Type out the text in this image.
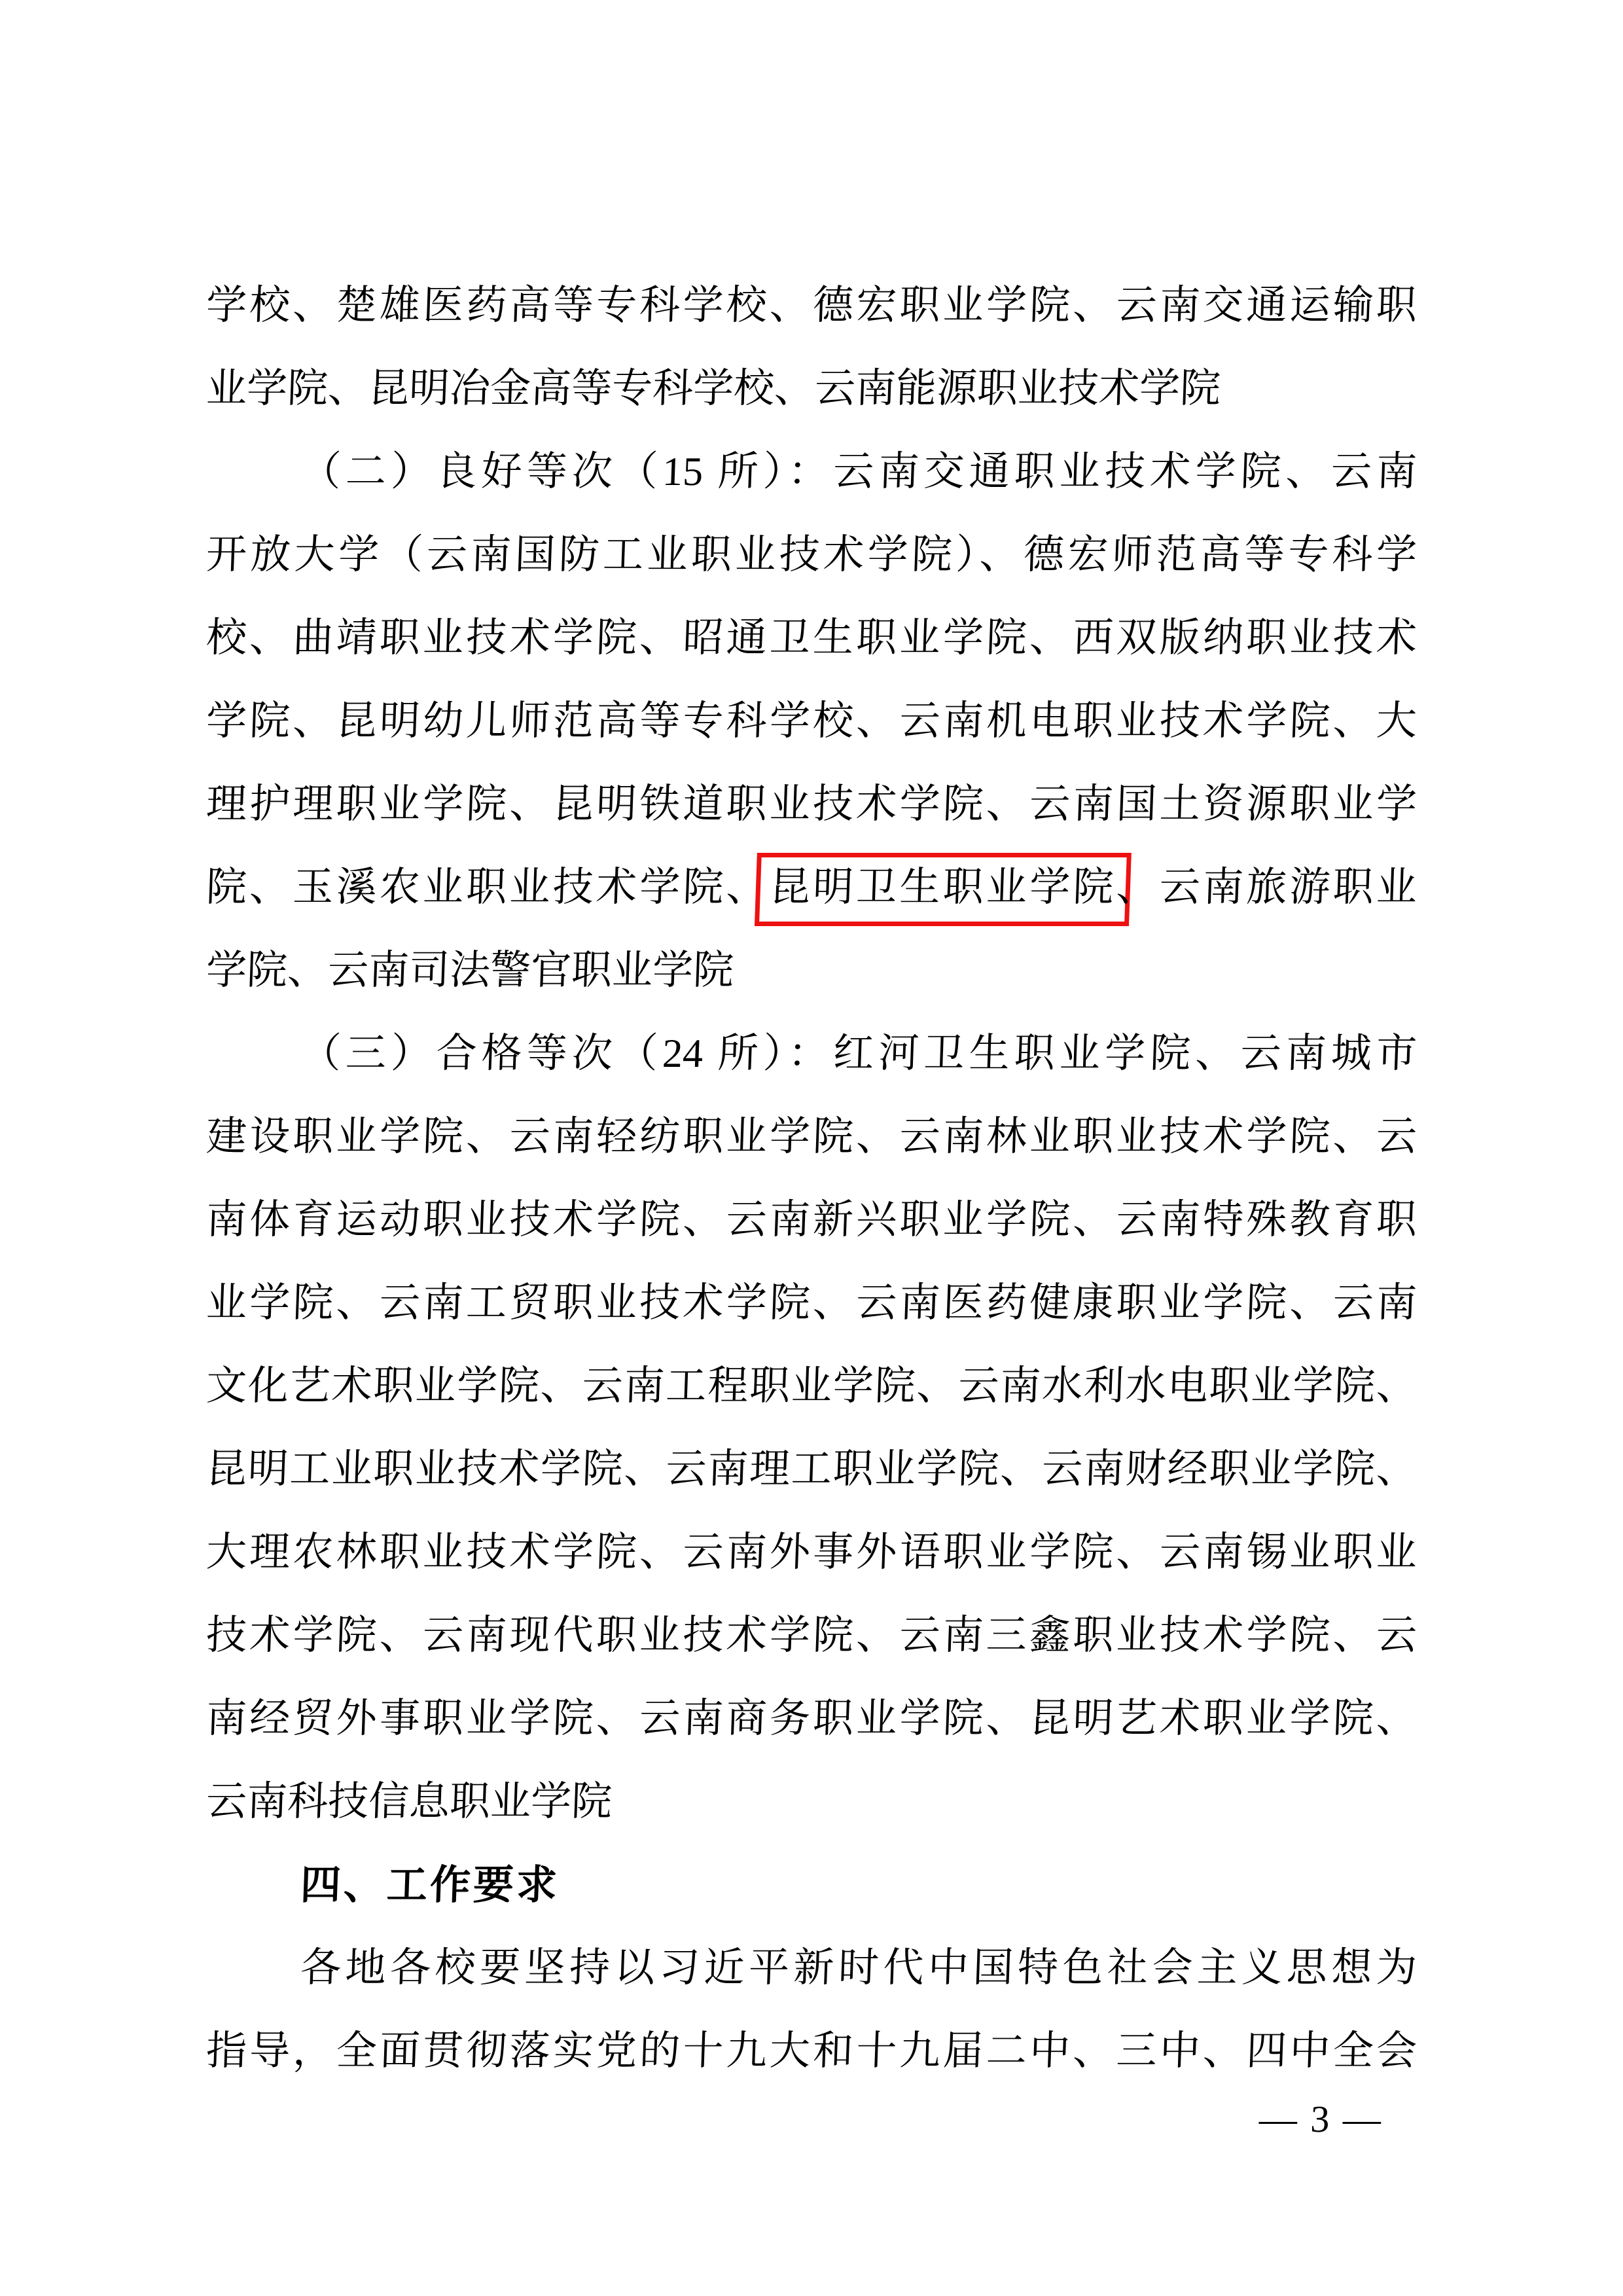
学校、楚雄医药高等专科学校、德宏职业学院、云南交通运输职
业学院、昆明冶金高等专科学校、云南能源职业技术学院
（二）良好等次（15 所）：云南交通职业技术学院、云南
开放大学（云南国防工业职业技术学院）、德宏师范高等专科学
校、曲靖职业技术学院、昭通卫生职业学院、西双版纳职业技术
学院、昆明幼儿师范高等专科学校、云南机电职业技术学院、大
理护理职业学院、昆明铁道职业技术学院、云南国土资源职业学
院、玉溪农业职业技术学院、昆明卫生职业学院、云南旅游职业
学院、云南司法警官职业学院
（三）合格等次（24 所）：红河卫生职业学院、云南城市
建设职业学院、云南轻纺职业学院、云南林业职业技术学院、云
南体育运动职业技术学院、云南新兴职业学院、云南特殊教育职
业学院、云南工贸职业技术学院、云南医药健康职业学院、云南
文化艺术职业学院、云南工程职业学院、云南水利水电职业学院、
昆明工业职业技术学院、云南理工职业学院、云南财经职业学院、
大理农林职业技术学院、云南外事外语职业学院、云南锡业职业
技术学院、云南现代职业技术学院、云南三鑫职业技术学院、云
南经贸外事职业学院、云南商务职业学院、昆明艺术职业学院、
云南科技信息职业学院
四、工作要求
各地各校要坚持以习近平新时代中国特色社会主义思想为
指导，全面贯彻落实党的十九大和十九届二中、三中、四中全会
— 3 —
